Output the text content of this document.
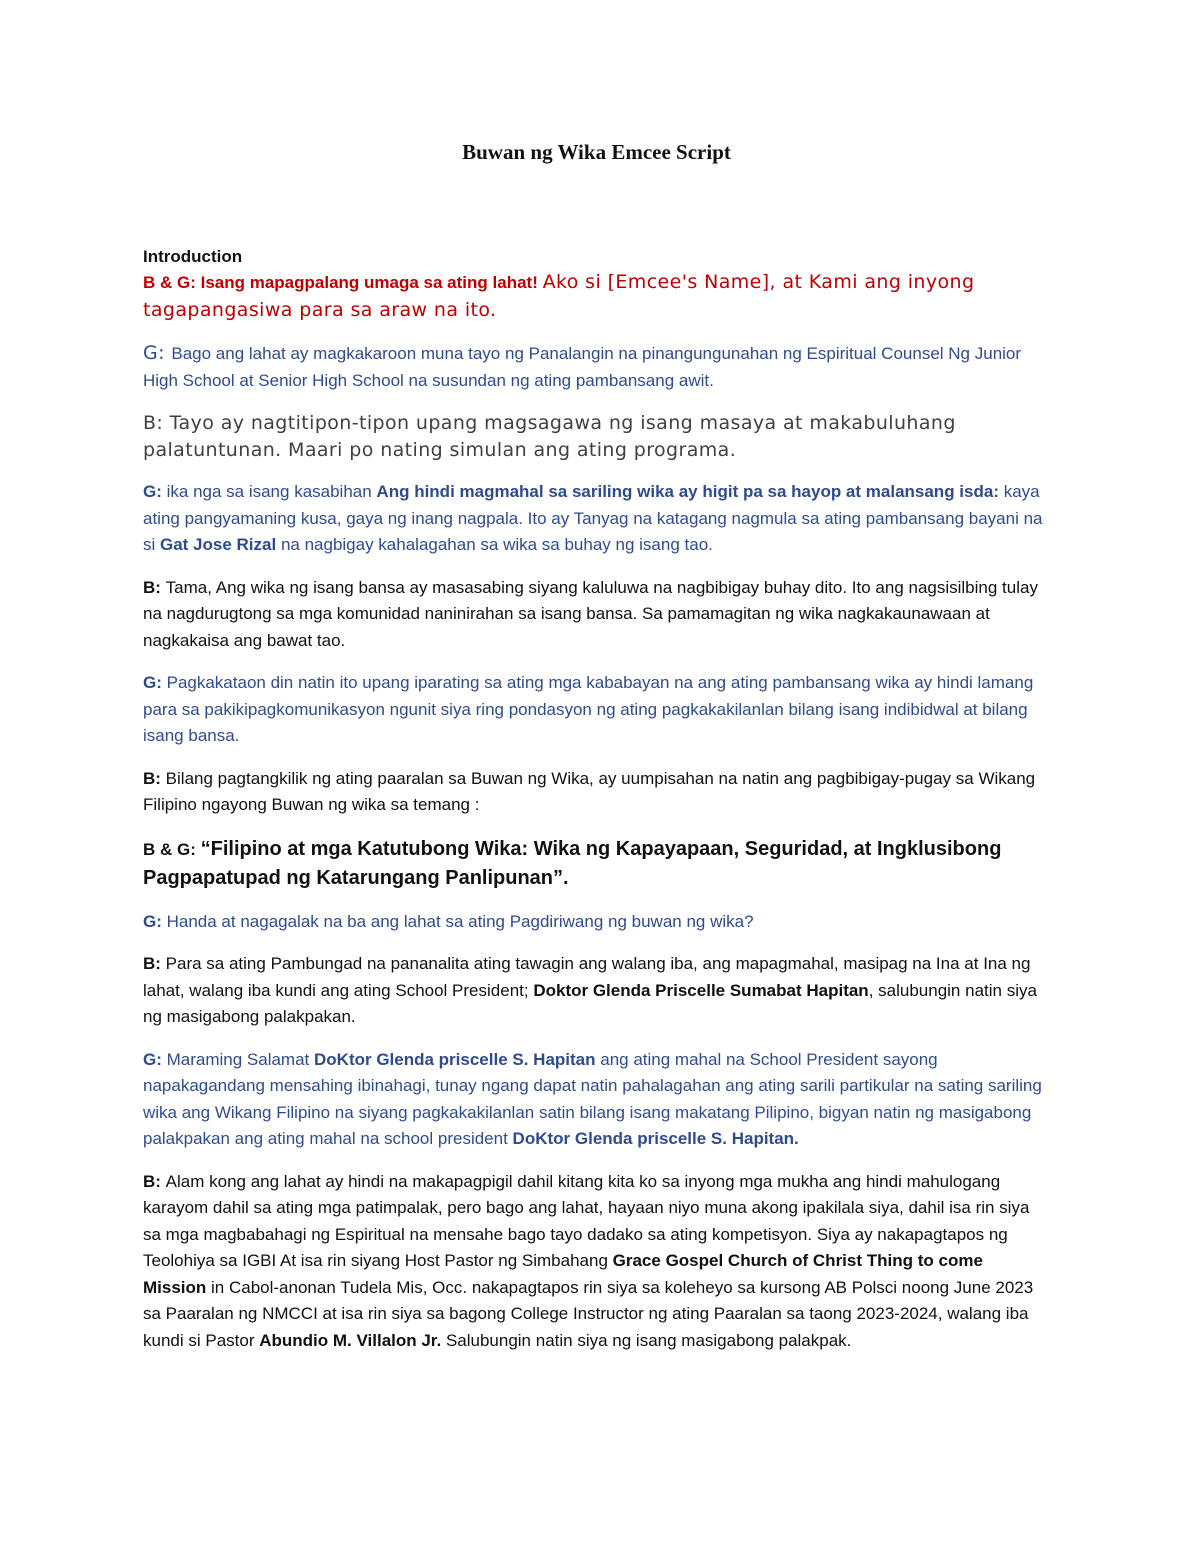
Buwan ng Wika Emcee Script

Introduction

B & G: Isang mapagpalang umaga sa ating lahat! Ako si [Emcee's Name], at Kami ang inyong tagapangasiwa para sa araw na ito.

G: Bago ang lahat ay magkakaroon muna tayo ng Panalangin na pinangungunahan ng Espiritual Counsel Ng Junior High School at Senior High School na susundan ng ating pambansang awit.

B: Tayo ay nagtitipon-tipon upang magsagawa ng isang masaya at makabuluhang palatuntunan. Maari po nating simulan ang ating programa.

G: ika nga sa isang kasabihan Ang hindi magmahal sa sariling wika ay higit pa sa hayop at malansang isda: kaya ating pangyamaning kusa, gaya ng inang nagpala. Ito ay Tanyag na katagang nagmula sa ating pambansang bayani na si Gat Jose Rizal na nagbigay kahalagahan sa wika sa buhay ng isang tao.

B: Tama, Ang wika ng isang bansa ay masasabing siyang kaluluwa na nagbibigay buhay dito. Ito ang nagsisilbing tulay na nagdurugtong sa mga komunidad naninirahan sa isang bansa. Sa pamamagitan ng wika nagkakaunawaan at nagkakaisa ang bawat tao.

G: Pagkakataon din natin ito upang iparating sa ating mga kababayan na ang ating pambansang wika ay hindi lamang para sa pakikipagkomunikasyon ngunit siya ring pondasyon ng ating pagkakakilanlan bilang isang indibidwal at bilang isang bansa.

B: Bilang pagtangkilik ng ating paaralan sa Buwan ng Wika, ay uumpisahan na natin ang pagbibigay-pugay sa Wikang Filipino ngayong Buwan ng wika sa temang :

B & G: “Filipino at mga Katutubong Wika: Wika ng Kapayapaan, Seguridad, at Ingklusibong Pagpapatupad ng Katarungang Panlipunan”.

G: Handa at nagagalak na ba ang lahat sa ating Pagdiriwang ng buwan ng wika?

B: Para sa ating Pambungad na pananalita ating tawagin ang walang iba, ang mapagmahal, masipag na Ina at Ina ng lahat, walang iba kundi ang ating School President; Doktor Glenda Priscelle Sumabat Hapitan, salubungin natin siya ng masigabong palakpakan.

G: Maraming Salamat DoKtor Glenda priscelle S. Hapitan ang ating mahal na School President sayong napakagandang mensahing ibinahagi, tunay ngang dapat natin pahalagahan ang ating sarili partikular na sating sariling wika ang Wikang Filipino na siyang pagkakakilanlan satin bilang isang makatang Pilipino, bigyan natin ng masigabong palakpakan ang ating mahal na school president DoKtor Glenda priscelle S. Hapitan.

B: Alam kong ang lahat ay hindi na makapagpigil dahil kitang kita ko sa inyong mga mukha ang hindi mahulogang karayom dahil sa ating mga patimpalak, pero bago ang lahat, hayaan niyo muna akong ipakilala siya, dahil isa rin siya sa mga magbabahagi ng Espiritual na mensahe bago tayo dadako sa ating kompetisyon. Siya ay nakapagtapos ng Teolohiya sa IGBI At isa rin siyang Host Pastor ng Simbahang Grace Gospel Church of Christ Thing to come Mission in Cabol-anonan Tudela Mis, Occ. nakapagtapos rin siya sa koleheyo sa kursong AB Polsci noong June 2023 sa Paaralan ng NMCCI at isa rin siya sa bagong College Instructor ng ating Paaralan sa taong 2023-2024, walang iba kundi si Pastor Abundio M. Villalon Jr. Salubungin natin siya ng isang masigabong palakpak.
